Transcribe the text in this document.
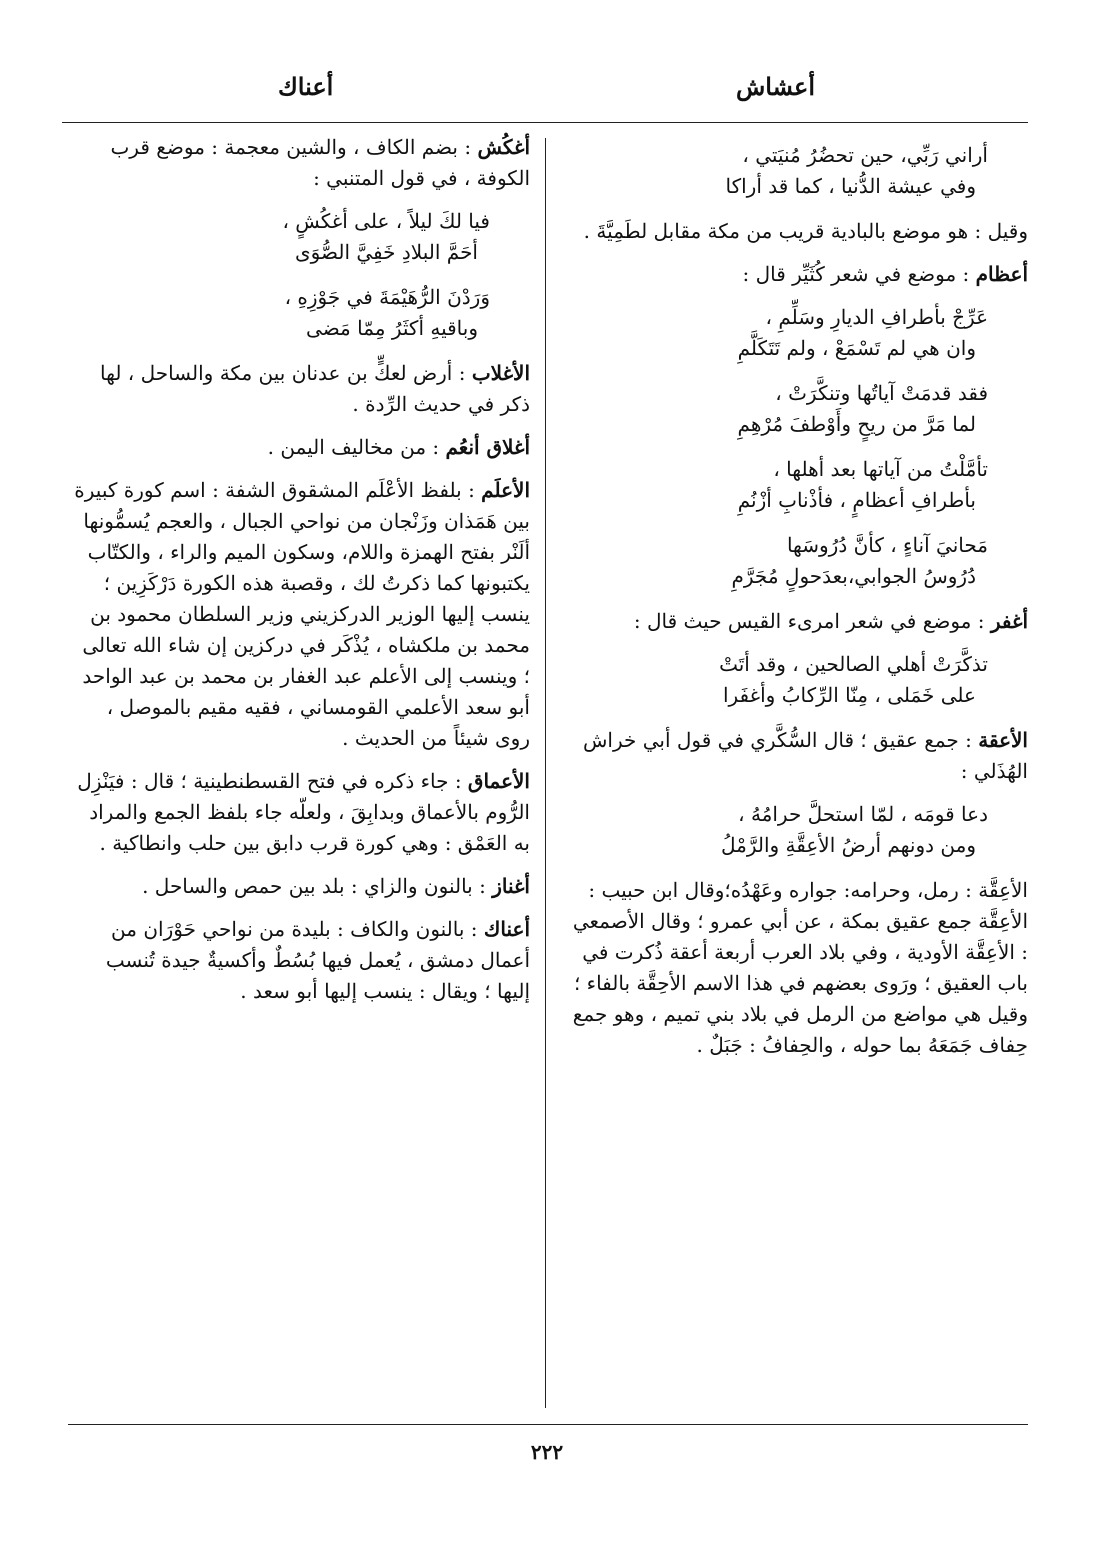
أعشاش
أعناك
أراني رَبِّي، حين تحضُرُ مُنيَتي ،
وفي عيشة الدُّنيا ، كما قد أراكا

وقيل : هو موضع بالبادية قريب من مكة مقابل لطَمِيَّةَ .

أعظام : موضع في شعر كُثَيِّر قال :

عَرِّجْ بأطرافِ الديارِ وسَلِّمِ ،
وان هي لم تَسْمَعْ ، ولم تَتَكَلَّمِ
فقد قدمَتْ آياتُها وتنكَّرَتْ ،
لما مَرَّ من ريحٍ وأَوْطفَ مُرْهِمِ
تأمَّلْتُ من آياتها بعد أهلها ،
بأطرافِ أعظامٍ ، فأذْنابِ أزْنُمِ
مَحانيَ آناءٍ ، كأنَّ دُرُوسَها
دُرُوسُ الجوابي،بعدَحولٍ مُجَرَّمِ

أغفر : موضع في شعر امرىء القيس حيث قال :

تذكَّرَتْ أهلي الصالحين ، وقد أتَتْ
على خَمَلى ، مِنّا الرِّكابُ وأغفَرا

الأعقة : جمع عقيق ؛ قال السُّكَّري في قول أبي خراش الهُذَلي :

دعا قومَه ، لمّا استحلَّ حرامُهُ ،
ومن دونهم أرضُ الأعِقَّةِ والرَّمْلُ

الأعِقَّة : رمل، وحرامه: جواره وعَهْدُه؛وقال ابن حبيب : الأعِقَّة جمع عقيق بمكة ، عن أبي عمرو ؛ وقال الأصمعي : الأعِقَّة الأودية ، وفي بلاد العرب أربعة أعقة ذُكرت في باب العقيق ؛ ورَوى بعضهم في هذا الاسم الأحِقَّة بالفاء ؛ وقيل هي مواضع من الرمل في بلاد بني تميم ، وهو جمع حِفاف جَمَعَهُ بما حوله ، والحِفافُ : جَبَلٌ .

أغكُش : بضم الكاف ، والشين معجمة : موضع قرب الكوفة ، في قول المتنبي :

فيا لكَ ليلاً ، على أغكُشٍ ،
أحَمَّ البلادِ خَفِيَّ الصُّوَى
وَرَدْنَ الرُّهَيْمَةَ في جَوْزِهِ ،
وباقيهِ أكثَرُ مِمّا مَضى

الأغلاب : أرض لعكٍّ بن عدنان بين مكة والساحل ، لها ذكر في حديث الرِّدة .

أغلاق أنعُم : من مخاليف اليمن .

الأعلَم : بلفظ الأعْلَم المشقوق الشفة : اسم كورة كبيرة بين هَمَذان وزَنْجان من نواحي الجبال ، والعجم يُسمُّونها ألَنْر بفتح الهمزة واللام، وسكون الميم والراء ، والكتّاب يكتبونها كما ذكرتُ لك ، وقصبة هذه الكورة دَرْكَزِين ؛ ينسب إليها الوزير الدركزيني وزير السلطان محمود بن محمد بن ملكشاه ، يُذْكَر في دركزين إن شاء الله تعالى ؛ وينسب إلى الأعلم عبد الغفار بن محمد بن عبد الواحد أبو سعد الأعلمي القومساني ، فقيه مقيم بالموصل ، روى شيئاً من الحديث .

الأعماق : جاء ذكره في فتح القسطنطينية ؛ قال : فيَنْزِل الرُّوم بالأعماق وبدابِقَ ، ولعلّه جاء بلفظ الجمع والمراد به العَمْق : وهي كورة قرب دابق بين حلب وانطاكية .

أغناز : بالنون والزاي : بلد بين حمص والساحل .

أعناك : بالنون والكاف : بليدة من نواحي حَوْرَان من أعمال دمشق ، يُعمل فيها بُسُطٌ وأكسيةٌ جيدة تُنسب إليها ؛ ويقال : ينسب إليها أبو سعد .

٢٢٢
